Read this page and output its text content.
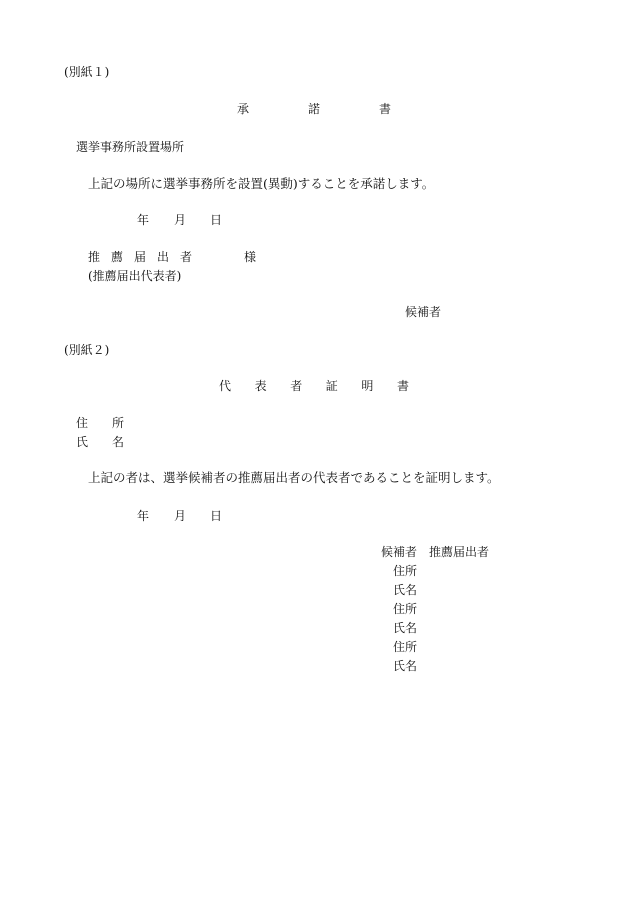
(別紙１)
承	諾	書
選挙事務所設置場所
上記の場所に選挙事務所を設置(異動)することを承諾します。
年 月 日
推 薦 届 出 者	様
(推薦届出代表者)
候補者
(別紙２)
代 表 者 証 明 書
住 所
氏 名
上記の者は、選挙候補者の推薦届出者の代表者であることを証明します。
年 月 日
候補者　推薦届出者
住所
氏名
住所
氏名
住所
氏名
